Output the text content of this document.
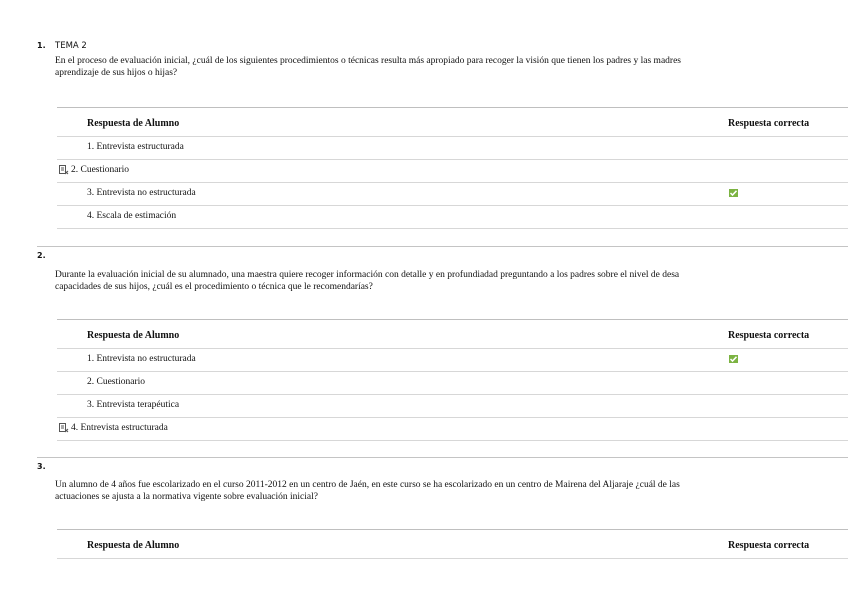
1. TEMA 2
En el proceso de evaluación inicial, ¿cuál de los siguientes procedimientos o técnicas resulta más apropiado para recoger la visión que tienen los padres y las madres
aprendizaje de sus hijos o hijas?
Respuesta de Alumno	Respuesta correcta
1. Entrevista estructurada
2. Cuestionario
3. Entrevista no estructurada
4. Escala de estimación
2.
Durante la evaluación inicial de su alumnado, una maestra quiere recoger información con detalle y en profundiadad preguntando a los padres sobre el nivel de desa
capacidades de sus hijos, ¿cuál es el procedimiento o técnica que le recomendarías?
Respuesta de Alumno	Respuesta correcta
1. Entrevista no estructurada
2. Cuestionario
3. Entrevista terapéutica
4. Entrevista estructurada
3.
Un alumno de 4 años fue escolarizado en el curso 2011-2012 en un centro de Jaén, en este curso se ha escolarizado en un centro de Mairena del Aljaraje ¿cuál de las
actuaciones se ajusta a la normativa vigente sobre evaluación inicial?
Respuesta de Alumno	Respuesta correcta
